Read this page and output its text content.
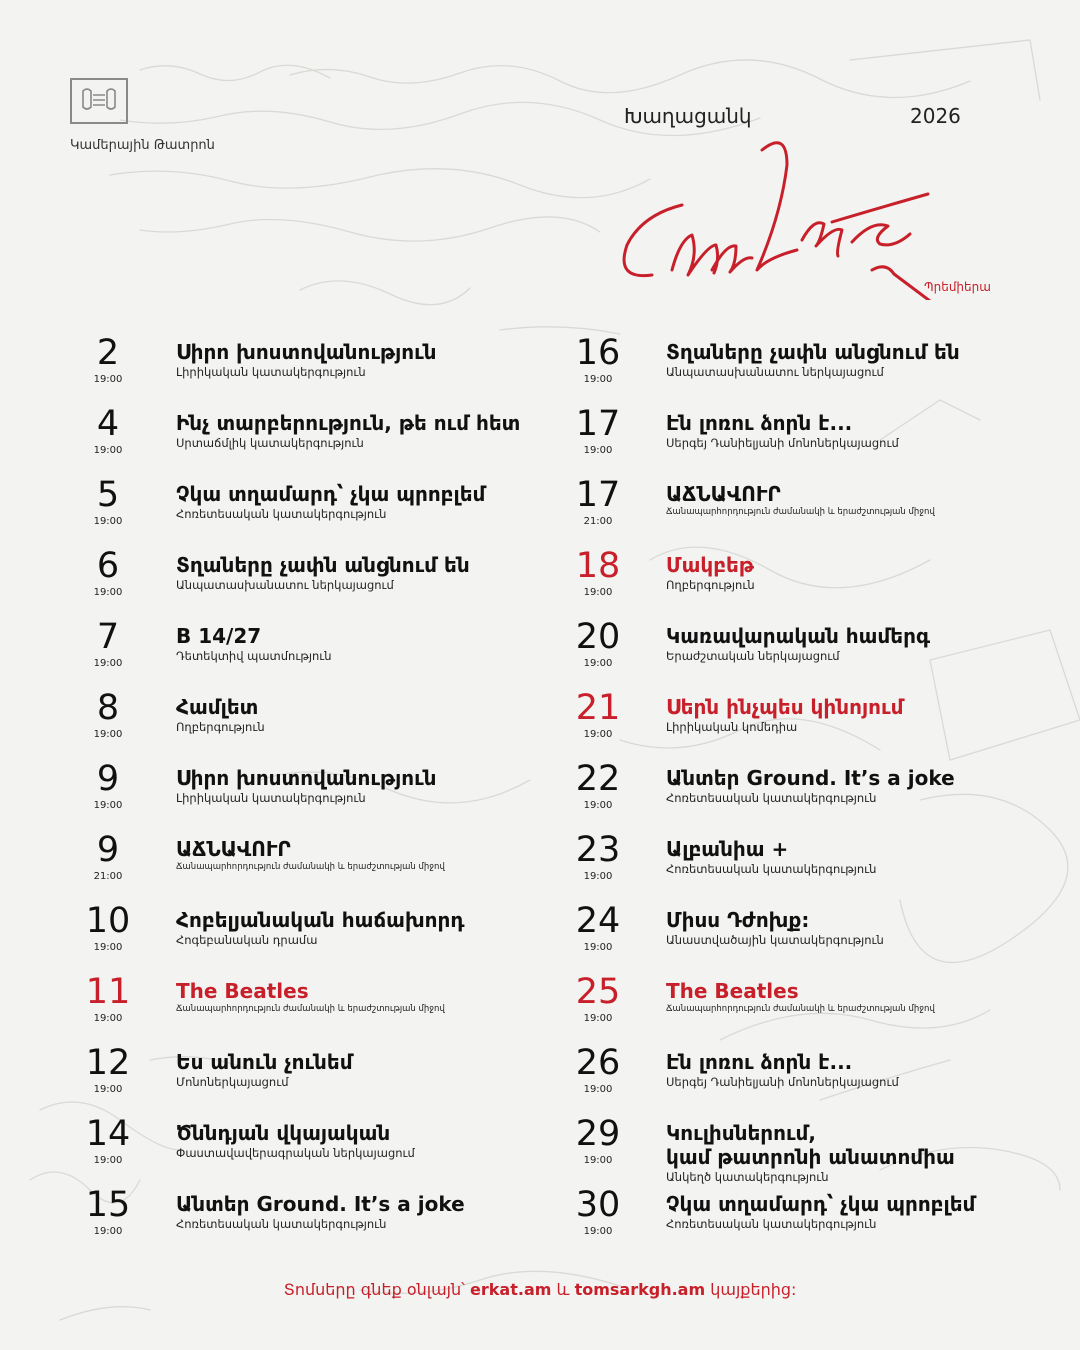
Կամերային Թատրոն
Խաղացանկ	2026
Պրեմիերա
2
19:00
Սիրո խոստովանություն
Լիրիկական կատակերգություն
4
19:00
Ինչ տարբերություն, թե ում հետ
Սրտաճմլիկ կատակերգություն
5
19:00
Չկա տղամարդ՝ չկա պրոբլեմ
Հոռետեսական կատակերգություն
6
19:00
Տղաները չափն անցնում են
Անպատասխանատու ներկայացում
7
19:00
B 14/27
Դետեկտիվ պատմություն
8
19:00
Համլետ
Ողբերգություն
9
19:00
Սիրո խոստովանություն
Լիրիկական կատակերգություն
9
21:00
ԱՃՆԱՎՈՒՐ
Ճանապարհորդություն ժամանակի և երաժշտության միջով
10
19:00
Հոբելյանական հաճախորդ
Հոգեբանական դրամա
11
19:00
The Beatles
Ճանապարհորդություն ժամանակի և երաժշտության միջով
12
19:00
Ես անուն չունեմ
Մոնոներկայացում
14
19:00
Ծննդյան վկայական
Փաստավավերագրական ներկայացում
15
19:00
Անտեր Ground. It’s a joke
Հոռետեսական կատակերգություն
16
19:00
Տղաները չափն անցնում են
Անպատասխանատու ներկայացում
17
19:00
Էն լոռու ձորն է...
Սերգեյ Դանիելյանի մոնոներկայացում
17
21:00
ԱՃՆԱՎՈՒՐ
Ճանապարհորդություն ժամանակի և երաժշտության միջով
18
19:00
Մակբեթ
Ողբերգություն
20
19:00
Կառավարական համերգ
Երաժշտական ներկայացում
21
19:00
Սերն ինչպես կինոյում
Լիրիկական կոմեդիա
22
19:00
Անտեր Ground. It’s a joke
Հոռետեսական կատակերգություն
23
19:00
Ալբանիա +
Հոռետեսական կատակերգություն
24
19:00
Միսս Դժոխք:
Անաստվածային կատակերգություն
25
19:00
The Beatles
Ճանապարհորդություն ժամանակի և երաժշտության միջով
26
19:00
Էն լոռու ձորն է...
Սերգեյ Դանիելյանի մոնոներկայացում
29
19:00
Կուլիսներում,
կամ թատրոնի անատոմիա
Անկեղծ կատակերգություն
30
19:00
Չկա տղամարդ՝ չկա պրոբլեմ
Հոռետեսական կատակերգություն
Տոմսերը գնեք օնլայն՝ erkat.am և tomsarkgh.am կայքերից:
